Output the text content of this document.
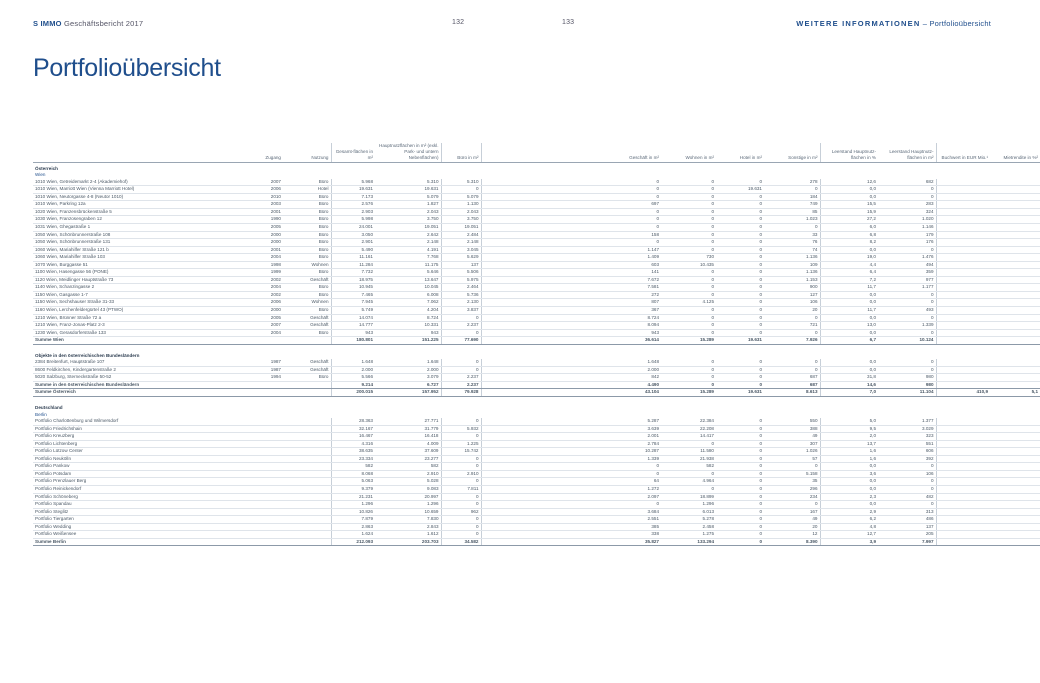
S IMMO Geschäftsbericht 2017	132	133	WEITERE INFORMATIONEN – Portfolioübersicht
Portfolioübersicht
	Zugang	Nutzung	Gesamt-flächen in m²	Hauptnutzflächen in m² (exkl. Park- und untern Nebenflächen)	Büro in m²	Geschäft in m²	Wohnen in m²	Hotel in m²	Sonstige in m²	Leerstand Hauptnutz-flächen in %	Leerstand Hauptnutz-flächen in m²	Buchwert in EUR Mio.¹	Mietrendite in %²
Österreich													
Wien													
1010 Wien, Getreidemarkt 2-4 (Akademiehof)	2007	Büro	5.968	5.310	5.310	0	0	0	278	12,6	682		
1010 Wien, Marriott Wien (Vienna Marriott Hotel)	2006	Hotel	19.631	19.631	0	0	0	19.631	0	0,0	0		
1010 Wien, Neutorgasse 4-8 (Neutor 1010)	2010	Büro	7.173	5.079	5.079	0	0	0	184	0,0	0		
1010 Wien, Parkring 12a	2003	Büro	2.576	1.827	1.130	697	0	0	749	15,5	283		
1020 Wien, Franzensbrückenstraße 5	2001	Büro	2.903	2.043	2.043	0	0	0	85	15,9	324		
1030 Wien, Franzosengraben 12	1990	Büro	5.998	3.750	3.750	0	0	0	1.023	27,2	1.020		
1031 Wien, Ghegastraße 1	2005	Büro	24.001	19.051	19.051	0	0	0	0	6,0	1.146		
1050 Wien, Schönbrunnerstraße 108	2000	Büro	3.050	2.642	2.484	158	0	0	33	6,8	179		
1050 Wien, Schönbrunnerstraße 131	2000	Büro	2.901	2.148	2.148	0	0	0	76	8,2	176		
1060 Wien, Mariahilfer Straße 121 b	2001	Büro	5.490	4.191	3.045	1.147	0	0	74	0,0	0		
1060 Wien, Mariahilfer Straße 103	2004	Büro	11.161	7.768	5.629	1.409	730	0	1.136	19,0	1.476		
1070 Wien, Burggasse 51	1998	Wohnen	11.284	11.175	137	603	10.435	0	109	4,4	494		
1100 Wien, Hasengasse 56 (PONE)	1999	Büro	7.732	5.646	5.506	141	0	0	1.136	6,4	359		
1120 Wien, Meidlinger Hauptstraße 73	2002	Geschäft	18.975	13.647	5.975	7.672	0	0	1.153	7,2	977		
1140 Wien, Schanzingasse 2	2004	Büro	10.945	10.045	2.464	7.581	0	0	900	11,7	1.177		
1150 Wien, Gasgasse 1-7	2002	Büro	7.465	6.008	5.736	272	0	0	127	0,0	0		
1150 Wien, Sechshauser Straße 31-33	2006	Wohnen	7.945	7.062	2.130	807	4.125	0	106	0,0	0		
1160 Wien, Lerchenfeldergürtel 43 (PTWO)	2000	Büro	5.749	4.204	3.837	367	0	0	20	11,7	493		
1210 Wien, Brünner Straße 72 a	2005	Geschäft	14.074	8.724	0	8.724	0	0	0	0,0	0		
1210 Wien, Franz-Jonas-Platz 2-3	2007	Geschäft	14.777	10.331	2.237	8.094	0	0	721	13,0	1.339		
1230 Wien, Gerasdorferstraße 133	2004	Büro	943	943	0	943	0	0	0	0,0	0		
Summe Wien			180.801	151.225	77.690	36.614	15.289	19.631	7.926	6,7	10.124		

Objekte in den österreichischen Bundesländern													
2384 Breitenfurt, Hauptstraße 107	1987	Geschäft	1.648	1.648	0	1.648	0	0	0	0,0	0		
8600 Feldkirchen, Kindergartenstraße 2	1987	Geschäft	2.000	2.000	0	2.000	0	0	0	0,0	0		
5020 Salzburg, Sterneckstraße 50-52	1994	Büro	5.566	3.079	2.237	842	0	0	687	31,8	980		
Summe in den österreichischen Bundesländern			9.214	6.727	2.237	4.490	0	0	687	14,6	980		
Summe Österreich			200.015	157.952	79.928	43.104	15.289	19.631	8.613	7,0	11.104	410,9	5,1

Deutschland													
Berlin													
Portfolio Charlottenburg und Wilmersdorf			28.363	27.771	0	5.287	22.384	0	550	5,0	1.377		
Portfolio Friedrichshain			32.167	31.779	5.932	3.639	22.208	0	388	9,5	3.029		
Portfolio Kreuzberg			16.467	16.418	0	2.001	14.417	0	49	2,0	323		
Portfolio Lichtenberg			4.316	4.009	1.225	2.784	0	0	307	13,7	551		
Portfolio Lützow Center			38.635	37.609	15.742	10.287	11.580	0	1.026	1,6	606		
Portfolio Neukölln			23.334	23.277	0	1.339	21.938	0	57	1,6	392		
Portfolio Pankow			582	582	0	0	582	0	0	0,0	0		
Portfolio Potsdam			8.068	2.910	2.910	0	0	0	5.158	3,6	106		
Portfolio Prenzlauer Berg			5.063	5.028	0	64	4.964	0	35	0,0	0		
Portfolio Reinickendorf			9.379	9.083	7.811	1.272	0	0	296	0,0	0		
Portfolio Schöneberg			21.231	20.997	0	2.097	18.899	0	234	2,3	482		
Portfolio Spandau			1.296	1.296	0	0	1.296	0	0	0,0	0		
Portfolio Steglitz			10.826	10.659	962	3.684	6.013	0	167	2,9	313		
Portfolio Tiergarten			7.879	7.830	0	2.551	5.278	0	49	6,2	486		
Portfolio Wedding			2.863	2.843	0	385	2.458	0	20	4,8	137		
Portfolio Weißensee			1.624	1.612	0	338	1.275	0	12	12,7	205		
Summe Berlin			212.093	203.703	34.582	35.827	133.294	0	8.390	3,9	7.997		
